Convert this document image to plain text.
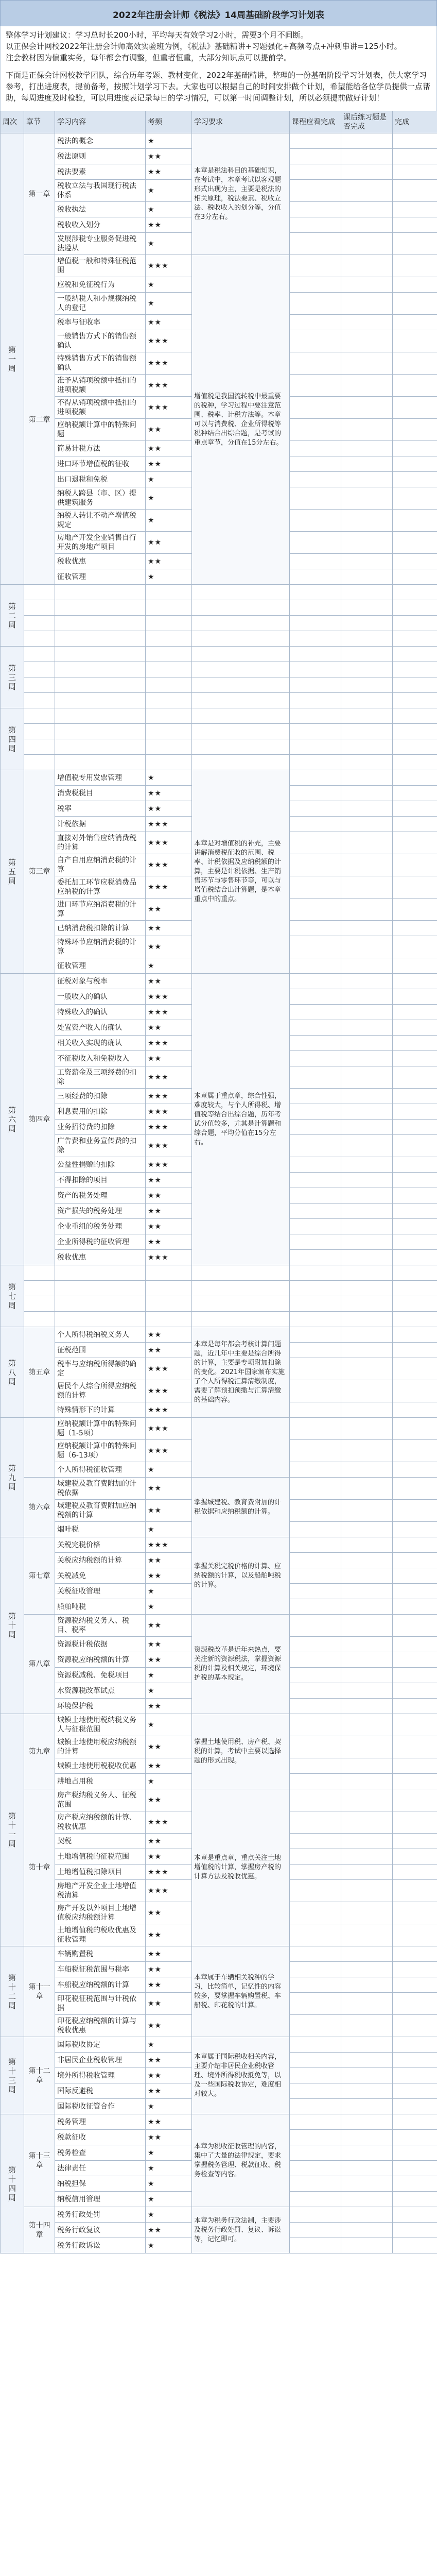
2022年注册会计师《税法》14周基础阶段学习计划表

整体学习计划建议：学习总时长200小时，平均每天有效学习2小时，需要3个月不间断。

以正保会计网校2022年注册会计师高效实验班为例，《税法》基础精讲+习题强化+高频考点+冲刺串讲=125小时。

注会教材因为偏重实务，每年都会有调整，但重者恒重，大部分知识点可以提前学。

下面是正保会计网校教学团队，综合历年考题、教材变化、2022年基础精讲，整理的一份基础阶段学习计划表，供大家学习参考，打出进度表，提前备考，按照计划学习下去。大家也可以根据自己的时间安排做个计划，希望能给各位学员提供一点帮助，每周进度及时检验，可以用进度表记录每日的学习情况，可以第一时间调整计划，所以必须提前做好计划！

周次	章节	学习内容	考频	学习要求	课程应看完成	课后练习题是否完成	完成
第
一
周	第一章	税法的概念	★	本章是税法科目的基础知识，在考试中，本章考试以客观题形式出现为主，主要是税法的相关原理，税法要素、税收立法、税收收入的划分等，分值在3分左右。			
		税法原则	★★				
		税法要素	★★				
		税收立法与我国现行税法体系	★				
		税收执法	★				
		税收收入划分	★★				
		发展涉税专业服务促进税法遵从	★				
	第二章	增值税一般和特殊征税范围	★★★	增值税是我国流转税中最重要的税种，学习过程中要注意范围、税率、计税方法等。本章可以与消费税、企业所得税等税种结合出综合题，是考试的重点章节，分值在15分左右。			
		应税和免征税行为	★				
		一般纳税人和小规模纳税人的登记	★				
		税率与征收率	★★				
		一般销售方式下的销售额确认	★★★				
		特殊销售方式下的销售额确认	★★★				
		准予从销项税额中抵扣的进项税额	★★★				
		不得从销项税额中抵扣的进项税额	★★★				
		应纳税额计算中的特殊问题	★★				
		简易计税方法	★★				
		进口环节增值税的征收	★★				
		出口退税和免税	★				
		纳税人跨县（市、区）提供建筑服务	★				
		纳税人转让不动产增值税规定	★				
		房地产开发企业销售自行开发的房地产项目	★★				
		税收优惠	★★				
		征收管理	★				
第
二
周							

第
三
周							

第
四
周							

第
五
周	第三章	增值税专用发票管理	★	本章是对增值税的补充，主要讲解消费税征收的范围、税率、计税依据及应纳税额的计算，主要是计税依据、生产销售环节与零售环节等，可以与增值税结合出计算题，是本章重点中的重点。			
		消费税税目	★★				
		税率	★★				
		计税依据	★★★				
		直接对外销售应纳消费税的计算	★★★				
		自产自用应纳消费税的计算	★★★				
		委托加工环节应税消费品应纳税的计算	★★★				
		进口环节应纳消费税的计算	★★				
		已纳消费税扣除的计算	★★				
		特殊环节应纳消费税的计算	★★				
		征收管理	★				
第
六
周	第四章	征税对象与税率	★★	本章属于重点章，综合性强，难度较大，与个人所得税、增值税等结合出综合题，历年考试分值较多，尤其是计算题和综合题，平均分值在15分左右。			
		一般收入的确认	★★★				
		特殊收入的确认	★★★				
		处置资产收入的确认	★★				
		相关收入实现的确认	★★★				
		不征税收入和免税收入	★★				
		工资薪金及三项经费的扣除	★★★				
		三项经费的扣除	★★★				
		利息费用的扣除	★★★				
		业务招待费的扣除	★★★				
		广告费和业务宣传费的扣除	★★★				
		公益性捐赠的扣除	★★★				
		不得扣除的项目	★★				
		资产的税务处理	★★				
		资产损失的税务处理	★★				
		企业重组的税务处理	★★				
		企业所得税的征收管理	★★				
		税收优惠	★★★				
第
七
周							

第
八
周	第五章	个人所得税纳税义务人	★★	本章是每年都会考核计算问题题，近几年中主要是综合所得的计算，主要是专项附加扣除的变化。2021年国家颁布实施了个人所得税汇算清缴制度，需要了解预扣预缴与汇算清缴的基础内容。			
		征税范围	★★				
		税率与应纳税所得额的确定	★★★				
		居民个人综合所得应纳税额的计算	★★★				
		特殊情形下的计算	★★★				
第
九
周		应纳税额计算中的特殊问题（1-5项）	★★★				
		应纳税额计算中的特殊问题（6-13项）	★★★				
		个人所得税征收管理	★				
	第六章	城建税及教育费附加的计税依据	★★	掌握城建税、教育费附加的计税依据和应纳税额的计算。			
		城建税及教育费附加应纳税额的计算	★★				
		烟叶税	★				
第
十
周	第七章	关税完税价格	★★★	掌握关税完税价格的计算、应纳税额的计算，以及船舶吨税的计算。			
		关税应纳税额的计算	★★				
		关税减免	★★				
		关税征收管理	★				
		船舶吨税	★				
	第八章	资源税纳税义务人、税目、税率	★★	资源税改革是近年来热点，要关注新的资源税法，掌握资源税的计算及相关规定，环境保护税的基本规定。			
		资源税计税依据	★★				
		资源税应纳税额的计算	★★				
		资源税减税、免税项目	★				
		水资源税改革试点	★				
		环境保护税	★★				
第
十
一
周	第九章	城镇土地使用税纳税义务人与征税范围	★	掌握土地使用税、房产税、契税的计算，考试中主要以选择题的形式出现。			
		城镇土地使用税应纳税额的计算	★★				
		城镇土地使用税税收优惠	★★				
		耕地占用税	★				
	第十章	房产税纳税义务人、征税范围	★★	本章是重点章，重点关注土地增值税的计算，掌握房产税的计算方法及税收优惠。			
		房产税应纳税额的计算、税收优惠	★★★				
		契税	★★				
		土地增值税的征税范围	★★				
		土地增值税扣除项目	★★★				
		房地产开发企业土地增值税清算	★★★				
		房产开发以外项目土地增值税应纳税额计算	★★				
		土地增值税的税收优惠及征收管理	★★				
第
十
二
周	第十一章	车辆购置税	★★	本章属于车辆相关税种的学习，比较简单，记忆性的内容较多，要掌握车辆购置税、车船税、印花税的计算。			
		车船税征税范围与税率	★★				
		车船税应纳税额的计算	★★				
		印花税征税范围与计税依据	★★				
		印花税应纳税额的计算与税收优惠	★★				
第
十
三
周	第十二章	国际税收协定	★	本章属于国际税收相关内容，主要介绍非居民企业税收管理、境外所得税收抵免等，以及一些国际税收协定，难度相对较大。			
		非居民企业税收管理	★★				
		境外所得税收管理	★★				
		国际反避税	★★				
		国际税收征管合作	★				
第
十
四
周	第十三章	税务管理	★★	本章为税收征收管理的内容，集中了大量的法律规定，要求掌握税务管理、税款征收、税务检查等内容。			
		税款征收	★★				
		税务检查	★				
		法律责任	★				
		纳税担保	★				
		纳税信用管理	★				
	第十四章	税务行政处罚	★	本章为税务行政法制，主要涉及税务行政处罚、复议、诉讼等，记忆即可。			
		税务行政复议	★★				
		税务行政诉讼	★				
